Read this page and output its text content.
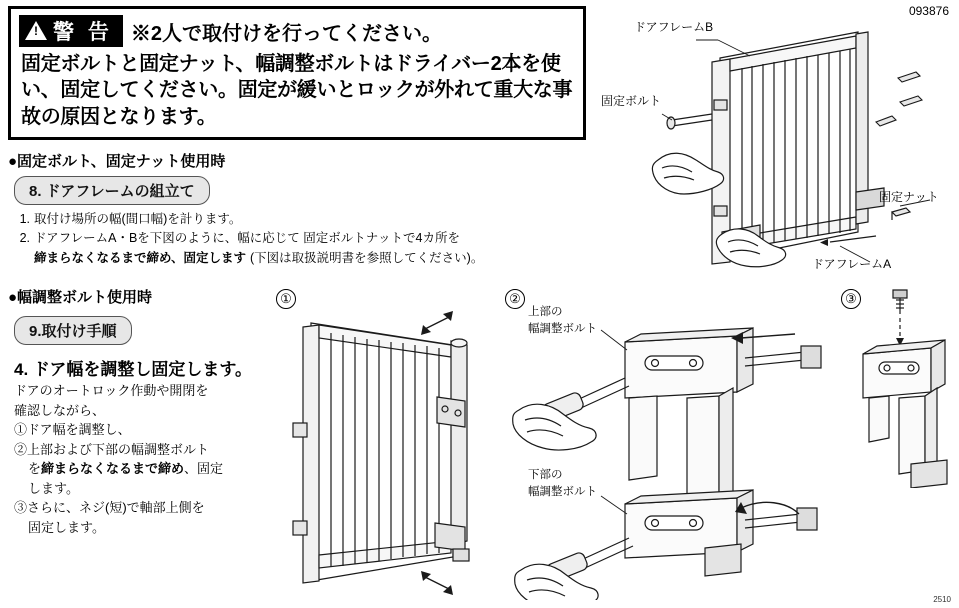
093876
2510
!
警 告 ※2人で取付けを行ってください。
固定ボルトと固定ナット、幅調整ボルトはドライバー2本を使い、固定してください。固定が緩いとロックが外れて重大な事故の原因となります。
●固定ボルト、固定ナット使用時
8. ドアフレームの組立て
1. 取付け場所の幅(間口幅)を計ります。
2. ドアフレームA・Bを下図のように、幅に応じて 固定ボルトナットで4カ所を
締まらなくなるまで締め、固定します (下図は取扱説明書を参照してください)。
●幅調整ボルト使用時
9.取付け手順
4. ドア幅を調整し固定します。
ドアのオートロック作動や開閉を
確認しながら、
①ドア幅を調整し、
②上部および下部の幅調整ボルト
を締まらなくなるまで締め、固定
します。
③さらに、ネジ(短)で軸部上側を
固定します。
ドアフレームB
固定ボルト
固定ナット
ドアフレームA
①	②
上部の
幅調整ボルト
下部の
幅調整ボルト
③
